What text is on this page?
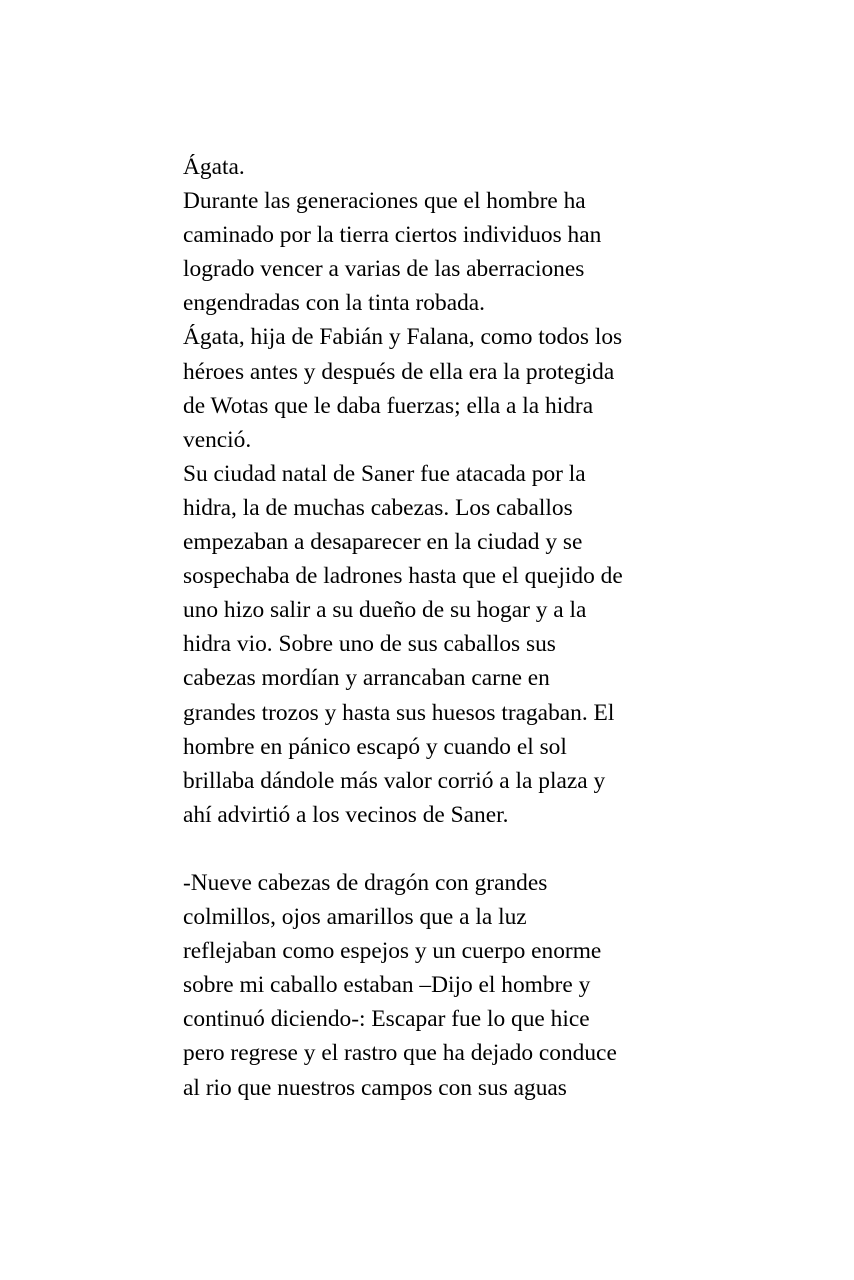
Ágata.
Durante las generaciones que el hombre ha
caminado por la tierra ciertos individuos han
logrado vencer a varias de las aberraciones
engendradas con la tinta robada.
Ágata, hija de Fabián y Falana, como todos los
héroes antes y después de ella era la protegida
de Wotas que le daba fuerzas; ella a la hidra
venció.
Su ciudad natal de Saner fue atacada por la
hidra, la de muchas cabezas. Los caballos
empezaban a desaparecer en la ciudad y se
sospechaba de ladrones hasta que el quejido de
uno hizo salir a su dueño de su hogar y a la
hidra vio. Sobre uno de sus caballos sus
cabezas mordían y arrancaban carne en
grandes trozos y hasta sus huesos tragaban. El
hombre en pánico escapó y cuando el sol
brillaba dándole más valor corrió a la plaza y
ahí advirtió a los vecinos de Saner.
-Nueve cabezas de dragón con grandes
colmillos, ojos amarillos que a la luz
reflejaban como espejos y un cuerpo enorme
sobre mi caballo estaban –Dijo el hombre y
continuó diciendo-: Escapar fue lo que hice
pero regrese y el rastro que ha dejado conduce
al rio que nuestros campos con sus aguas
